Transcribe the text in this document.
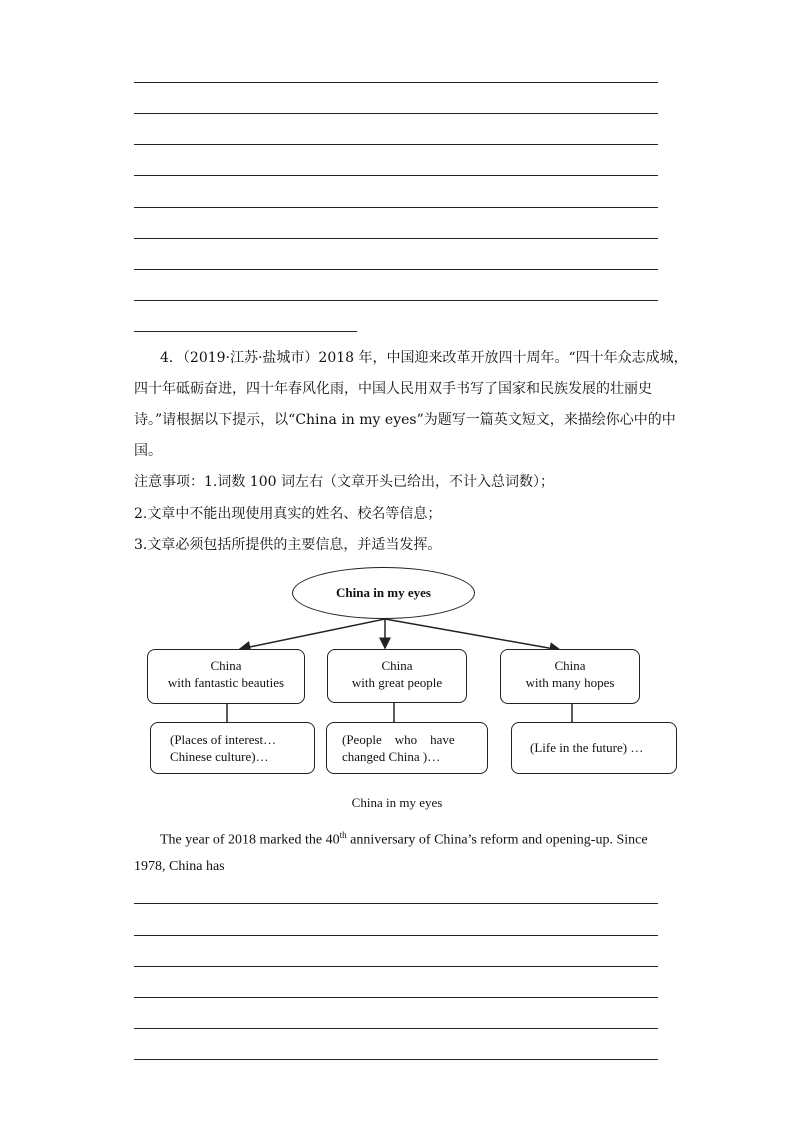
4．（2019·江苏·盐城市）2018 年，中国迎来改革开放四十周年。“四十年众志成城，
四十年砥砺奋进，四十年春风化雨，中国人民用双手书写了国家和民族发展的壮丽史
诗。”请根据以下提示，以“China in my eyes”为题写一篇英文短文，来描绘你心中的中
国。
注意事项：1.词数 100 词左右（文章开头已给出，不计入总词数）；
2.文章中不能出现使用真实的姓名、校名等信息；
3.文章必须包括所提供的主要信息，并适当发挥。
China in my eyes
China
with fantastic beauties
China
with great people
China
with many hopes
(Places of interest…
Chinese culture)…
(People    who    have
changed China )…
(Life in the future) …
China in my eyes
The year of 2018 marked the 40th anniversary of China’s reform and opening-up. Since
1978, China has
